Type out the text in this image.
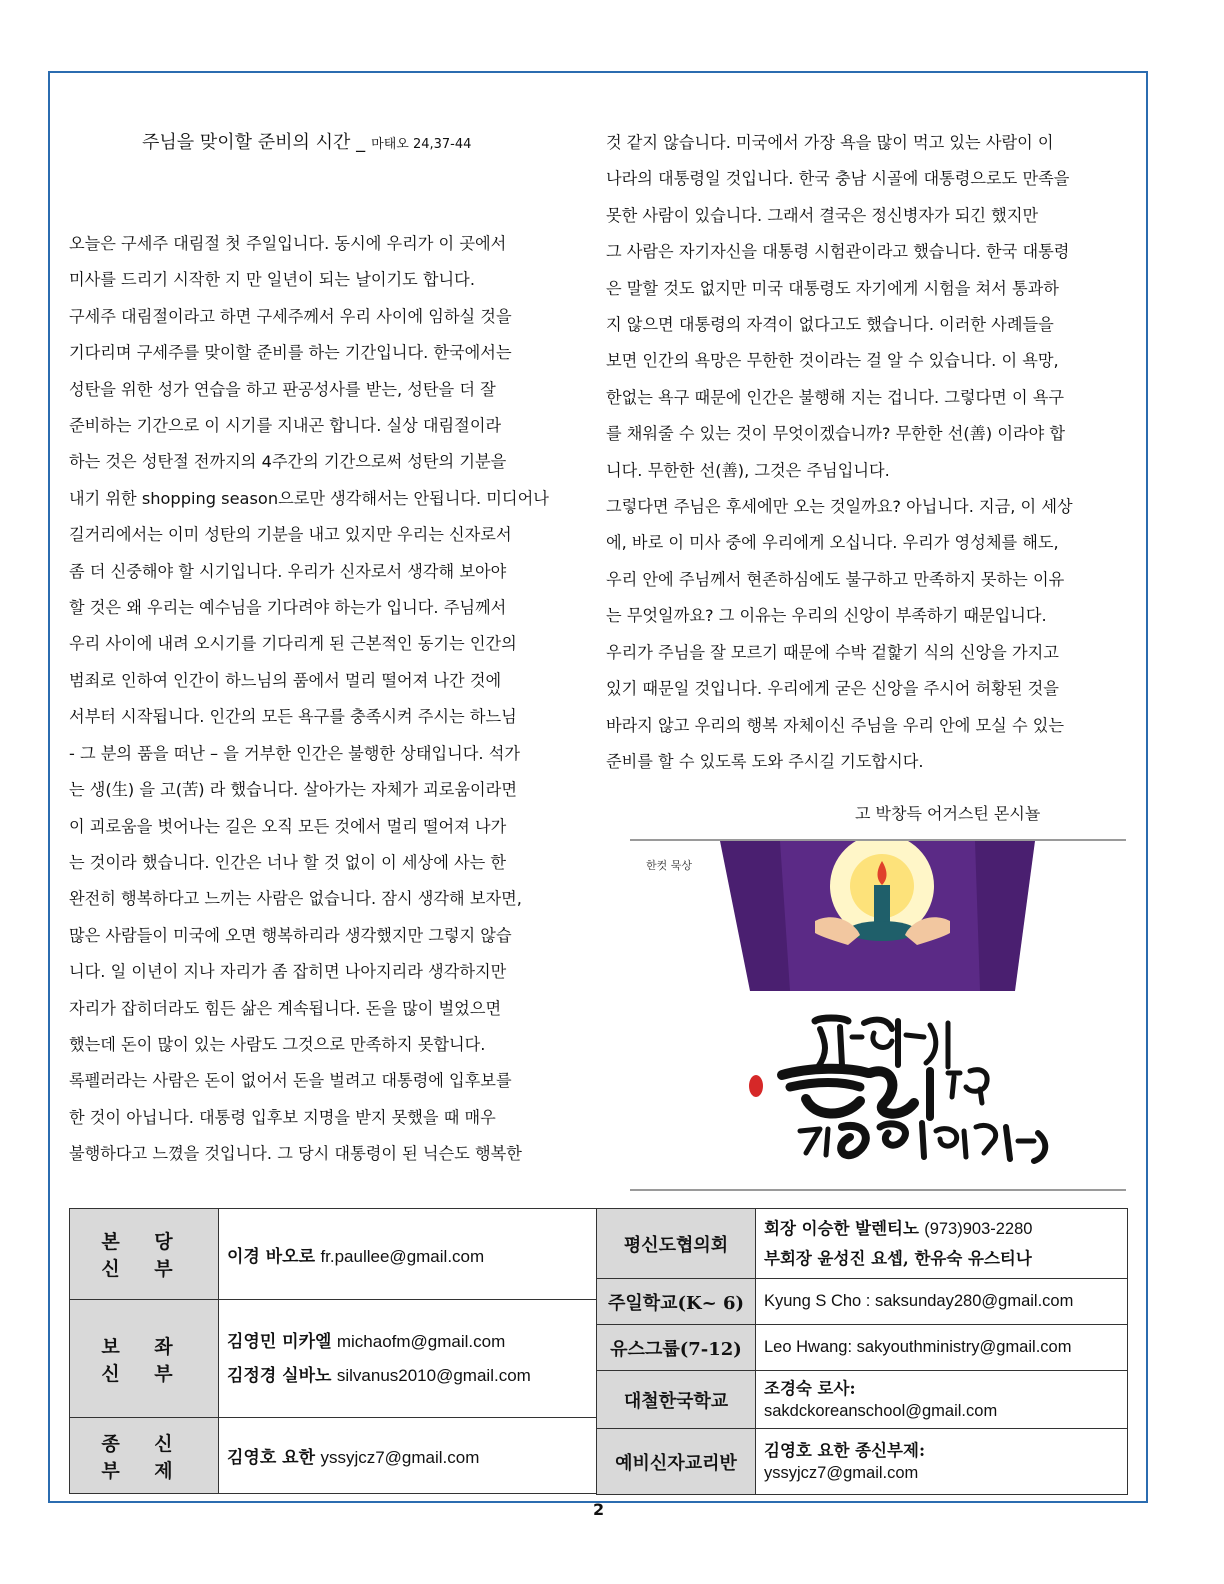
주님을 맞이할 준비의 시간 _ 마태오 24,37-44

오늘은 구세주 대림절 첫 주일입니다. 동시에 우리가 이 곳에서

미사를 드리기 시작한 지 만 일년이 되는 날이기도 합니다.

구세주 대림절이라고 하면 구세주께서 우리 사이에 임하실 것을

기다리며 구세주를 맞이할 준비를 하는 기간입니다. 한국에서는

성탄을 위한 성가 연습을 하고 판공성사를 받는, 성탄을 더 잘

준비하는 기간으로 이 시기를 지내곤 합니다. 실상 대림절이라

하는 것은 성탄절 전까지의 4주간의 기간으로써 성탄의 기분을

내기 위한 shopping season으로만 생각해서는 안됩니다. 미디어나

길거리에서는 이미 성탄의 기분을 내고 있지만 우리는 신자로서

좀 더 신중해야 할 시기입니다. 우리가 신자로서 생각해 보아야

할 것은 왜 우리는 예수님을 기다려야 하는가 입니다. 주님께서

우리 사이에 내려 오시기를 기다리게 된 근본적인 동기는 인간의

범죄로 인하여 인간이 하느님의 품에서 멀리 떨어져 나간 것에

서부터 시작됩니다. 인간의 모든 욕구를 충족시켜 주시는 하느님

- 그 분의 품을 떠난 – 을 거부한 인간은 불행한 상태입니다. 석가

는 생(生) 을 고(苦) 라 했습니다. 살아가는 자체가 괴로움이라면

이 괴로움을 벗어나는 길은 오직 모든 것에서 멀리 떨어져 나가

는 것이라 했습니다. 인간은 너나 할 것 없이 이 세상에 사는 한

완전히 행복하다고 느끼는 사람은 없습니다. 잠시 생각해 보자면,

많은 사람들이 미국에 오면 행복하리라 생각했지만 그렇지 않습

니다. 일 이년이 지나 자리가 좀 잡히면 나아지리라 생각하지만

자리가 잡히더라도 힘든 삶은 계속됩니다. 돈을 많이 벌었으면

했는데 돈이 많이 있는 사람도 그것으로 만족하지 못합니다.

록펠러라는 사람은 돈이 없어서 돈을 벌려고 대통령에 입후보를

한 것이 아닙니다. 대통령 입후보 지명을 받지 못했을 때 매우

불행하다고 느꼈을 것입니다. 그 당시 대통령이 된 닉슨도 행복한

것 같지 않습니다. 미국에서 가장 욕을 많이 먹고 있는 사람이 이

나라의 대통령일 것입니다. 한국 충남 시골에 대통령으로도 만족을

못한 사람이 있습니다. 그래서 결국은 정신병자가 되긴 했지만

그 사람은 자기자신을 대통령 시험관이라고 했습니다. 한국 대통령

은 말할 것도 없지만 미국 대통령도 자기에게 시험을 쳐서 통과하

지 않으면 대통령의 자격이 없다고도 했습니다. 이러한 사례들을

보면 인간의 욕망은 무한한 것이라는 걸 알 수 있습니다. 이 욕망,

한없는 욕구 때문에 인간은 불행해 지는 겁니다. 그렇다면 이 욕구

를 채워줄 수 있는 것이 무엇이겠습니까? 무한한 선(善) 이라야 합

니다. 무한한 선(善), 그것은 주님입니다.

그렇다면 주님은 후세에만 오는 것일까요? 아닙니다. 지금, 이 세상

에, 바로 이 미사 중에 우리에게 오십니다. 우리가 영성체를 해도,

우리 안에 주님께서 현존하심에도 불구하고 만족하지 못하는 이유

는 무엇일까요? 그 이유는 우리의 신앙이 부족하기 때문입니다.

우리가 주님을 잘 모르기 때문에 수박 겉핥기 식의 신앙을 가지고

있기 때문일 것입니다. 우리에게 굳은 신앙을 주시어 허황된 것을

바라지 않고 우리의 행복 자체이신 주님을 우리 안에 모실 수 있는

준비를 할 수 있도록 도와 주시길 기도합시다.

고 박창득 어거스틴 몬시뇰
한컷 묵상
본 당 신 부	이경 바오로 fr.paullee@gmail.com
보 좌 신 부	김영민 미카엘 michaofm@gmail.com
김정경 실바노 silvanus2010@gmail.com

종 신 부 제	김영호 요한 yssyjcz7@gmail.com
평신도협의회	회장 이승한 발렌티노 (973)903-2280
부회장 윤성진 요셉, 한유숙 유스티나

주일학교(K~ 6)	Kyung S Cho : saksunday280@gmail.com
유스그룹(7-12)	Leo Hwang: sakyouthministry@gmail.com
대철한국학교	조경숙 로사:
sakdckoreanschool@gmail.com

예비신자교리반	김영호 요한 종신부제:
yssyjcz7@gmail.com
2
